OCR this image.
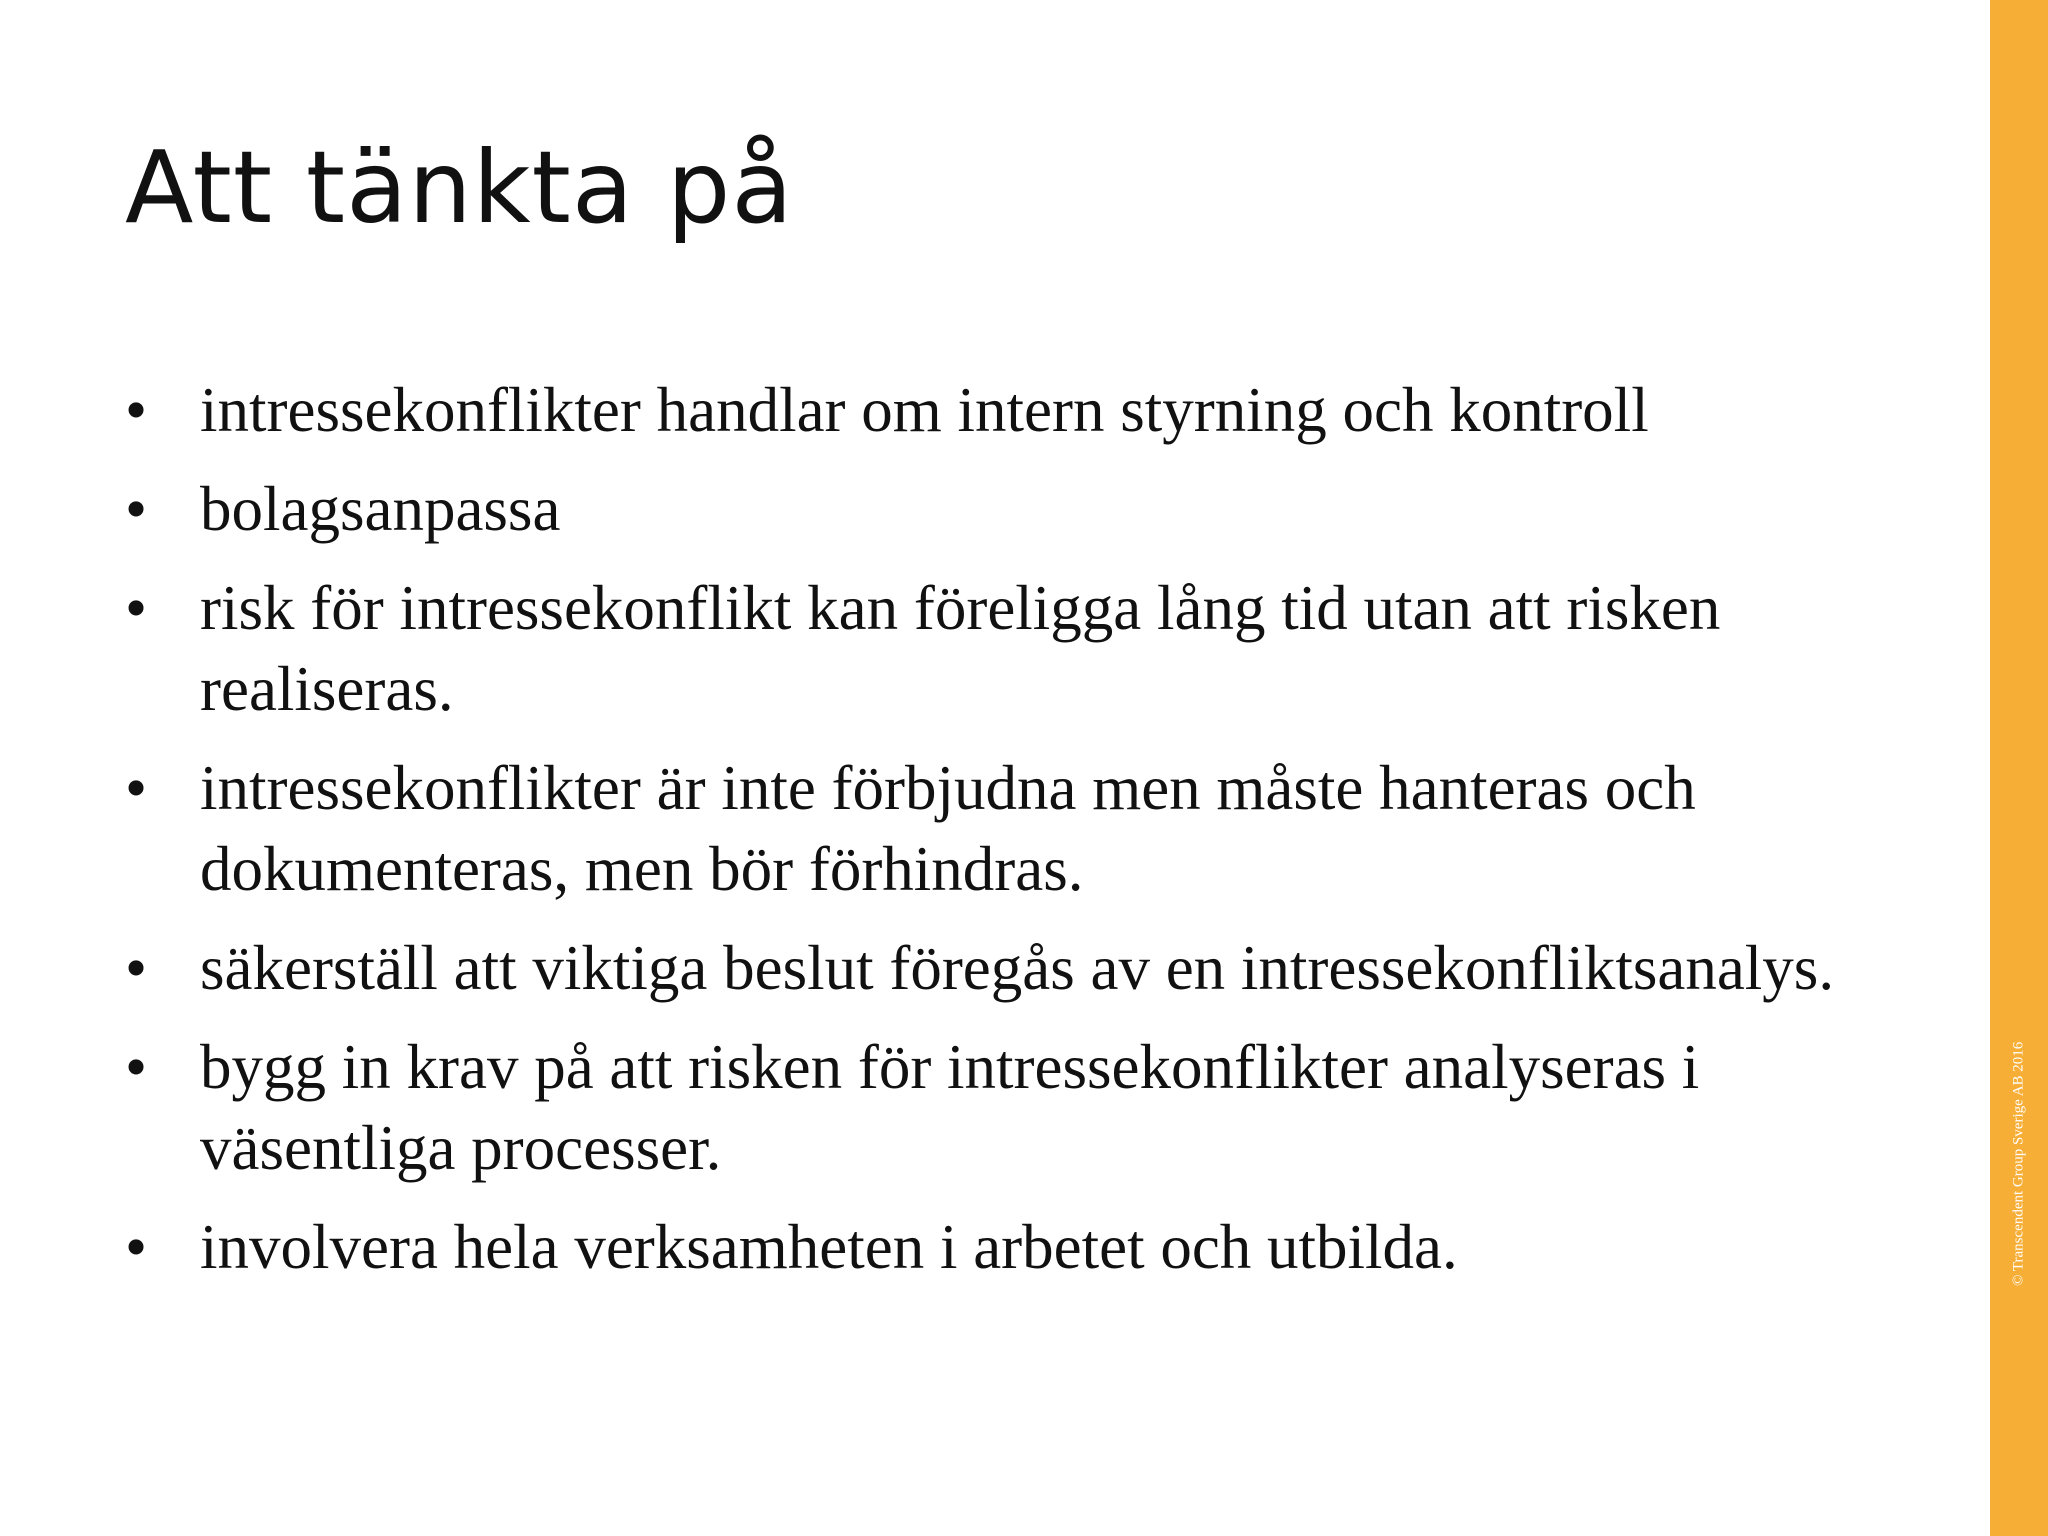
Att tänkta på
• intressekonflikter handlar om intern styrning och kontroll
• bolagsanpassa
• risk för intressekonflikt kan föreligga lång tid utan att risken realiseras.
• intressekonflikter är inte förbjudna men måste hanteras och dokumenteras, men bör förhindras.
• säkerställ att viktiga beslut föregås av en intressekonfliktsanalys.
• bygg in krav på att risken för intressekonflikter analyseras i väsentliga processer.
• involvera hela verksamheten i arbetet och utbilda.	© Transcendent Group Sverige AB 2016
